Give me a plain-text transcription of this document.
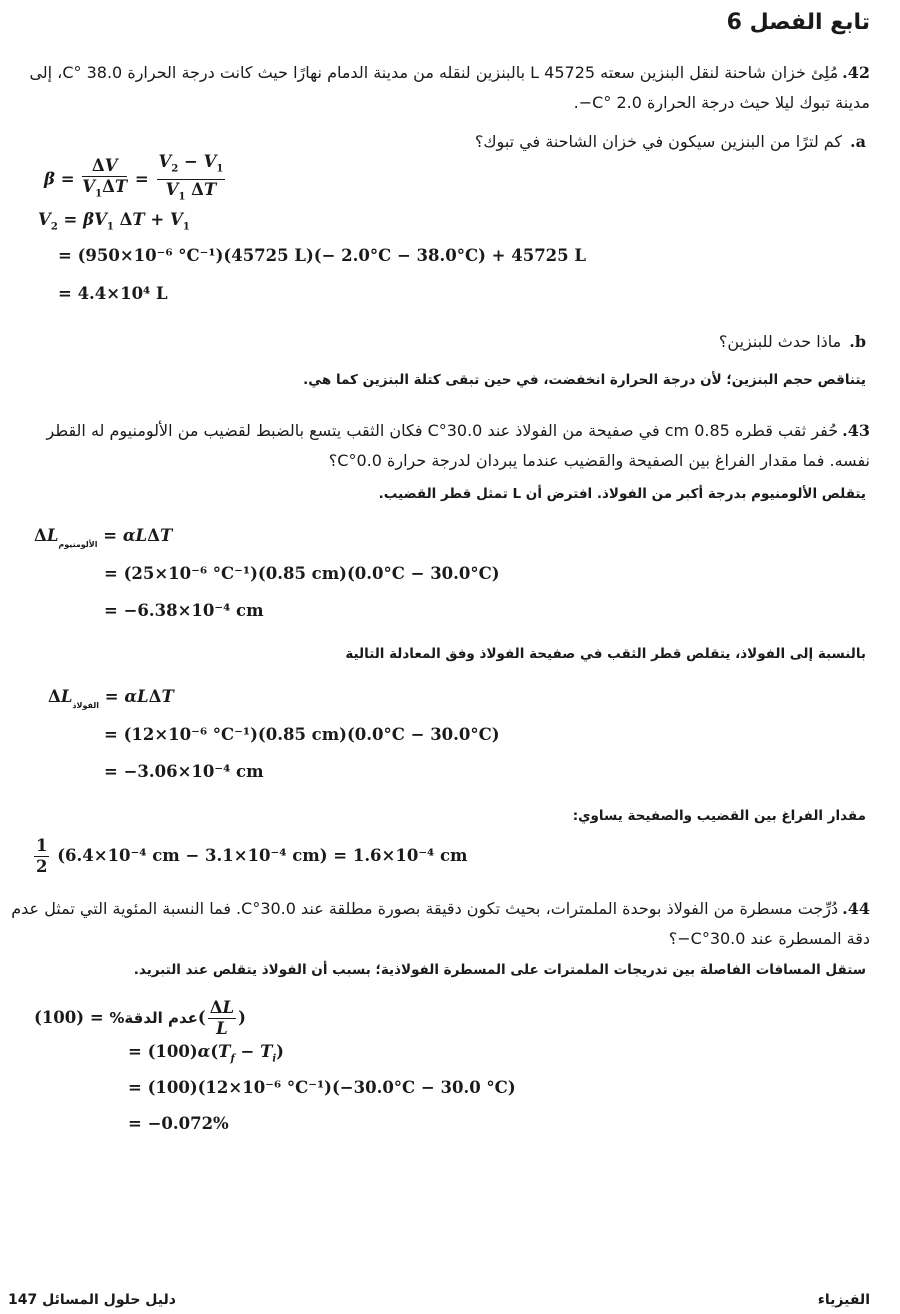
تابع الفصل 6
42.مُلِئ خزان شاحنة لنقل البنزين سعته 45725 L بالبنزين لنقله من مدينة الدمام نهارًا حيث كانت درجة الحرارة 38.0 °C، إلى مدينة تبوك ليلا حيث درجة الحرارة 2.0 °C−.
a.كم لترًا من البنزين سيكون في خزان الشاحنة في تبوك؟
$\beta = \frac{\Delta V}{V_1\Delta T} = \frac{V_2 - V_1}{V_1 \Delta T}$
$V_2 = \beta V_1$ $\Delta T + V_1$
= (950×10⁻⁶ °C⁻¹)(45725 L)(− 2.0°C − 38.0°C) + 45725 L
= 4.4×10⁴ L
b.ماذا حدث للبنزين؟
يتناقص حجم البنزين؛ لأن درجة الحرارة انخفضت، في حين تبقى كتلة البنزين كما هي.
43.حُفر ثقب قطره 0.85 cm في صفيحة من الفولاذ عند 30.0°C فكان الثقب يتسع بالضبط لقضيب من الألومنيوم له القطر نفسه. فما مقدار الفراغ بين الصفيحة والقضيب عندما يبردان لدرجة حرارة 0.0°C؟
يتقلص الألومنيوم بدرجة أكبر من الفولاذ. افترض أن L تمثل قطر القضيب.
$\Delta L_{الألومنيوم} = \alpha L\Delta T$
= (25×10⁻⁶ °C⁻¹)(0.85 cm)(0.0°C − 30.0°C)
= −6.38×10⁻⁴ cm
بالنسبة إلى الفولاذ، يتقلص قطر الثقب في صفيحة الفولاذ وفق المعادلة التالية
$\Delta L_{الفولاذ} = \alpha L\Delta T$
= (12×10⁻⁶ °C⁻¹)(0.85 cm)(0.0°C − 30.0°C)
= −3.06×10⁻⁴ cm
مقدار الفراغ بين القضيب والصفيحة يساوي:
$\frac{1}{2} (6.4\times 10^{-4}$ cm − 3.1×10⁻⁴ cm) = 1.6×10⁻⁴ cm
44.دُرِّجت مسطرة من الفولاذ بوحدة الملمترات، بحيث تكون دقيقة بصورة مطلقة عند 30.0°C. فما النسبة المئوية التي تمثل عدم دقة المسطرة عند 30.0°C−؟
ستقل المسافات الفاصلة بين تدريجات الملمترات على المسطرة الفولاذية؛ بسبب أن الفولاذ يتقلص عند التبريد.
عدم الدقة% = $(100)( \frac{\Delta L}{L}$ )
= $(100)\alpha(T_f - T_i)$
= (100)(12×10⁻⁶ °C⁻¹)(−30.0°C − 30.0 °C)
= −0.072%
دليل حلول المسائل 147	الفيزياء
